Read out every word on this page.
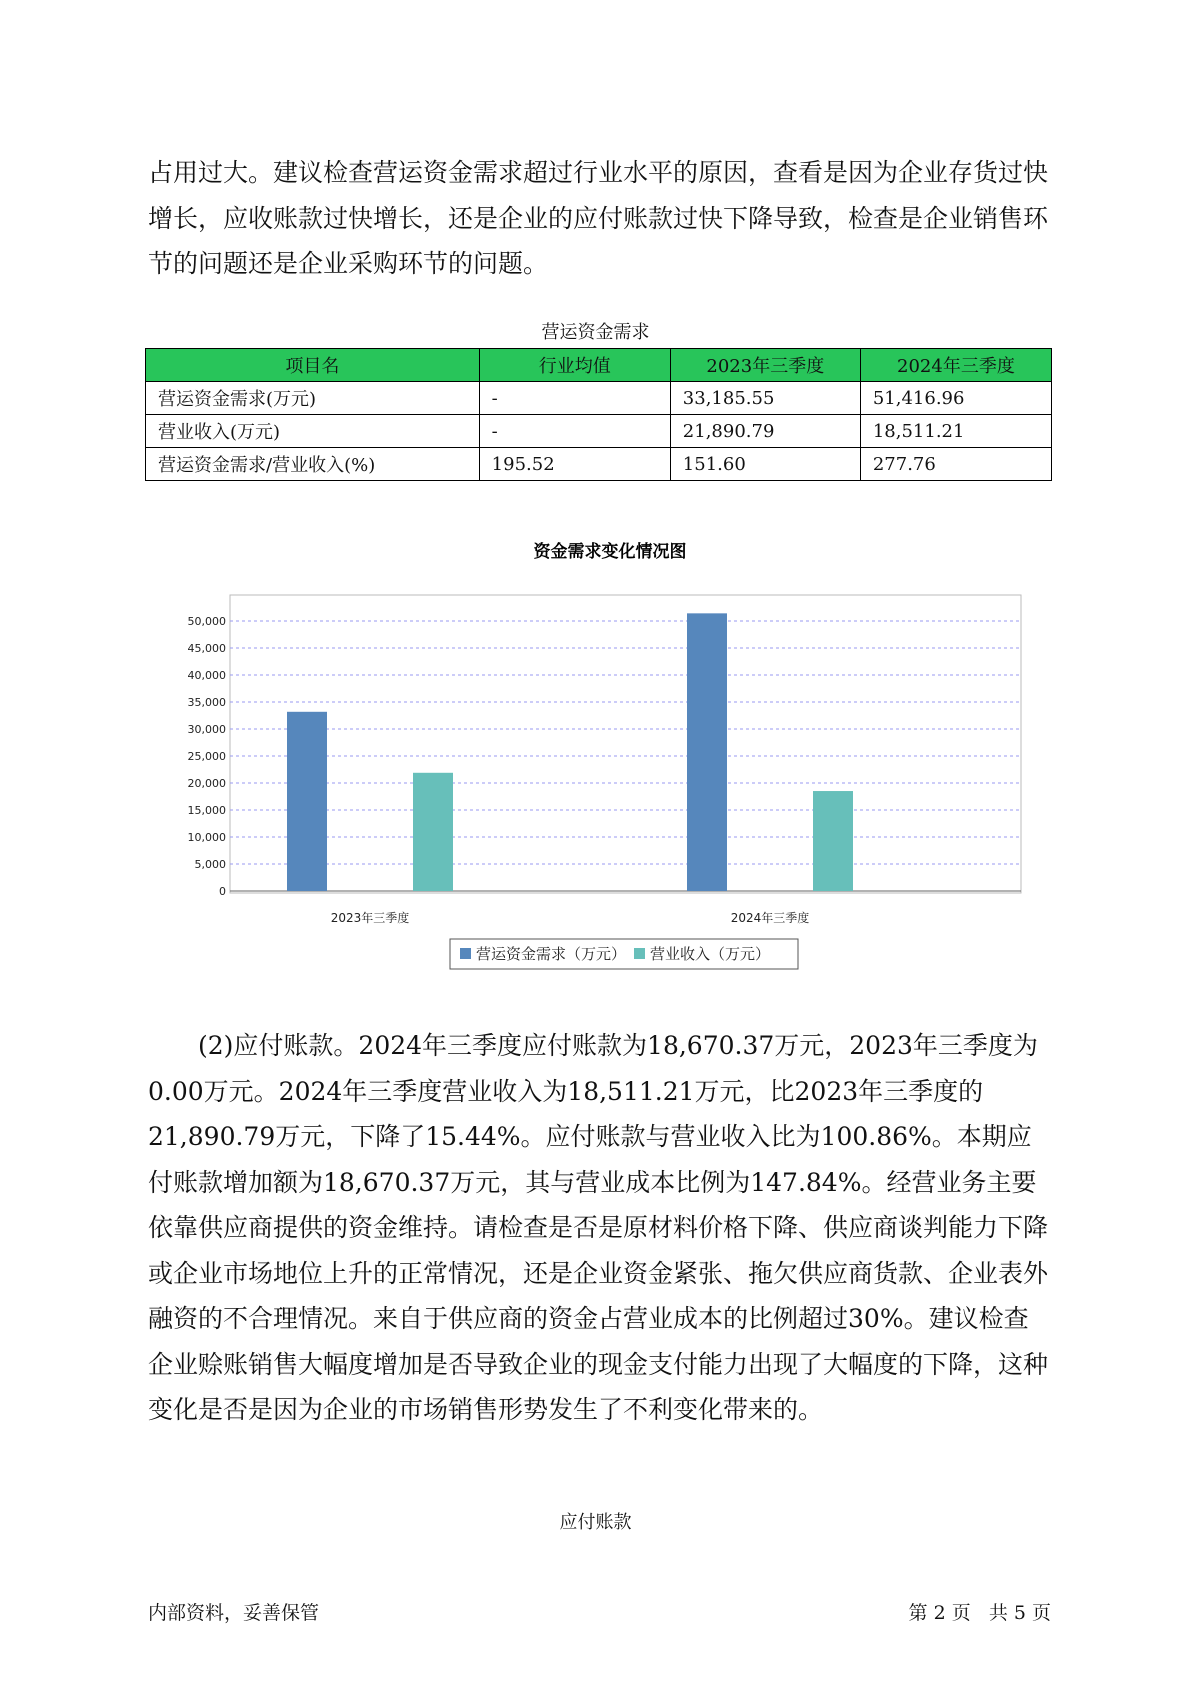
占用过大。建议检查营运资金需求超过行业水平的原因，查看是因为企业存货过快增长，应收账款过快增长，还是企业的应付账款过快下降导致，检查是企业销售环节的问题还是企业采购环节的问题。

营运资金需求
项目名	行业均值	2023年三季度	2024年三季度
营运资金需求(万元)	-	33,185.55	51,416.96
营业收入(万元)	-	21,890.79	18,511.21
营运资金需求/营业收入(%)	195.52	151.60	277.76
资金需求变化情况图
0
5,000
10,000
15,000
20,000
25,000
30,000
35,000
40,000
45,000
50,000
2023年三季度	2024年三季度
营运资金需求（万元） 营业收入（万元）

(2)应付账款。2024年三季度应付账款为18,670.37万元，2023年三季度为0.00万元。2024年三季度营业收入为18,511.21万元，比2023年三季度的21,890.79万元，下降了15.44%。应付账款与营业收入比为100.86%。本期应付账款增加额为18,670.37万元，其与营业成本比例为147.84%。经营业务主要依靠供应商提供的资金维持。请检查是否是原材料价格下降、供应商谈判能力下降或企业市场地位上升的正常情况，还是企业资金紧张、拖欠供应商货款、企业表外融资的不合理情况。来自于供应商的资金占营业成本的比例超过30%。建议检查企业赊账销售大幅度增加是否导致企业的现金支付能力出现了大幅度的下降，这种变化是否是因为企业的市场销售形势发生了不利变化带来的。

应付账款
内部资料，妥善保管	第 2 页   共 5 页
